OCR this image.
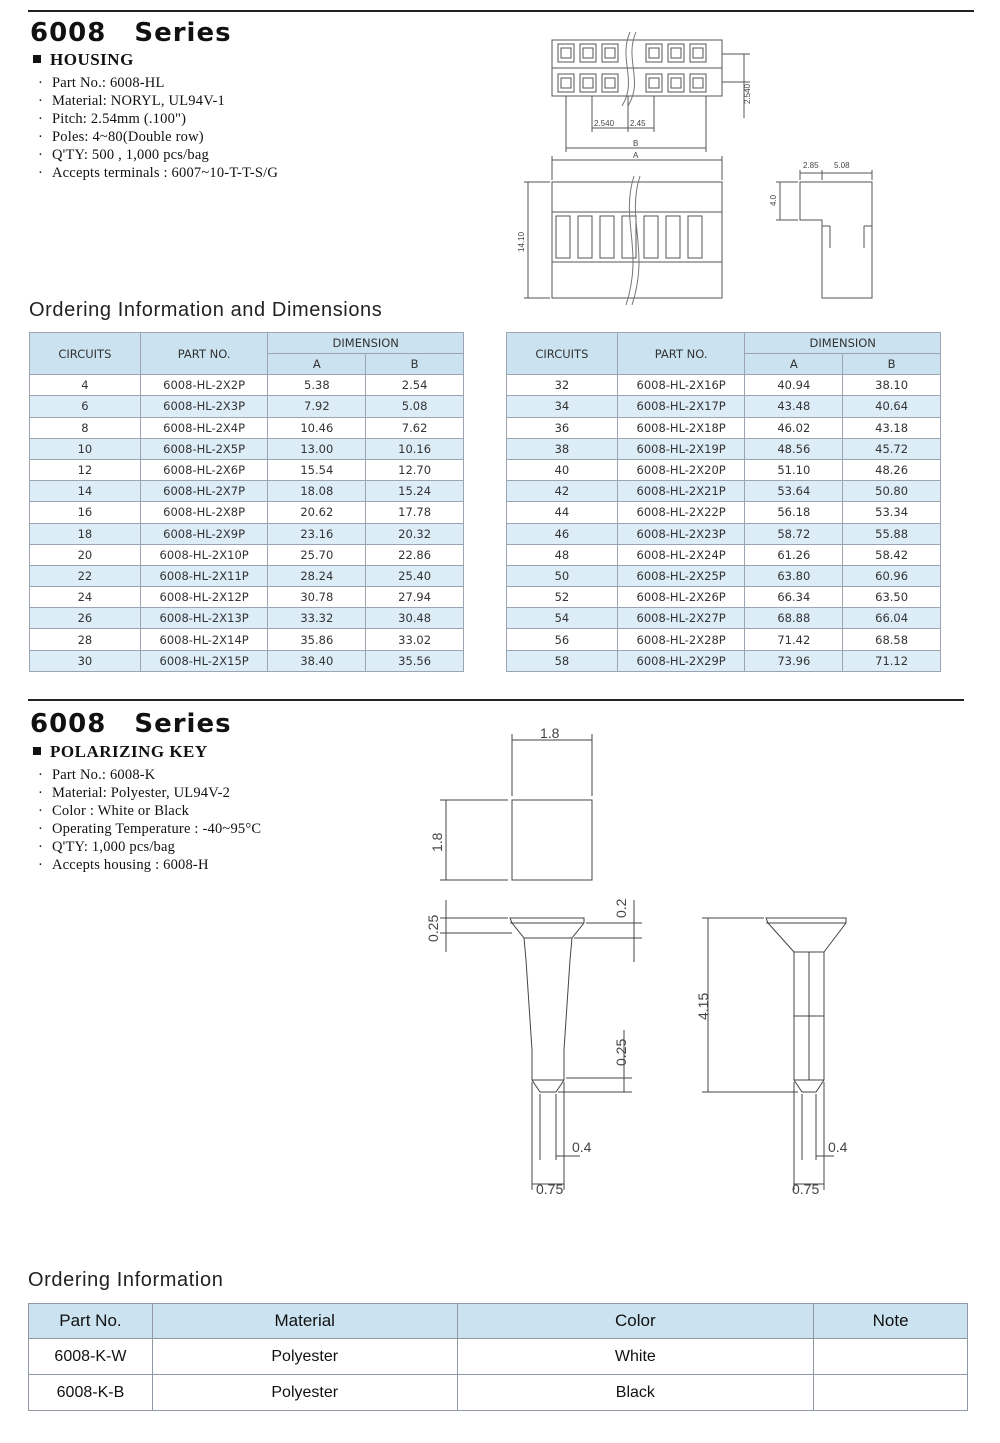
6008 Series
HOUSING
· Part No.: 6008-HL
· Material: NORYL, UL94V-1
· Pitch: 2.54mm (.100")
· Poles: 4~80(Double row)
· Q'TY: 500 , 1,000 pcs/bag
· Accepts terminals : 6007~10-T-T-S/G
2.540
2.540 2.45
B
A
14.10
2.85 5.08
4.0
Ordering Information and Dimensions
CIRCUITS	PART NO.	DIMENSION	
		A	B
4	6008-HL-2X2P	5.38	2.54
6	6008-HL-2X3P	7.92	5.08
8	6008-HL-2X4P	10.46	7.62
10	6008-HL-2X5P	13.00	10.16
12	6008-HL-2X6P	15.54	12.70
14	6008-HL-2X7P	18.08	15.24
16	6008-HL-2X8P	20.62	17.78
18	6008-HL-2X9P	23.16	20.32
20	6008-HL-2X10P	25.70	22.86
22	6008-HL-2X11P	28.24	25.40
24	6008-HL-2X12P	30.78	27.94
26	6008-HL-2X13P	33.32	30.48
28	6008-HL-2X14P	35.86	33.02
30	6008-HL-2X15P	38.40	35.56
CIRCUITS	PART NO.	DIMENSION	
		A	B
32	6008-HL-2X16P	40.94	38.10
34	6008-HL-2X17P	43.48	40.64
36	6008-HL-2X18P	46.02	43.18
38	6008-HL-2X19P	48.56	45.72
40	6008-HL-2X20P	51.10	48.26
42	6008-HL-2X21P	53.64	50.80
44	6008-HL-2X22P	56.18	53.34
46	6008-HL-2X23P	58.72	55.88
48	6008-HL-2X24P	61.26	58.42
50	6008-HL-2X25P	63.80	60.96
52	6008-HL-2X26P	66.34	63.50
54	6008-HL-2X27P	68.88	66.04
56	6008-HL-2X28P	71.42	68.58
58	6008-HL-2X29P	73.96	71.12
6008 Series
POLARIZING KEY
· Part No.: 6008-K
· Material: Polyester, UL94V-2
· Color : White or Black
· Operating Temperature : -40~95°C
· Q'TY: 1,000 pcs/bag
· Accepts housing : 6008-H
1.8
1.8
0.25
0.2
0.25
0.4
0.75
4.15
0.4
0.75
Ordering Information
Part No.	Material	Color	Note
6008-K-W	Polyester	White	
6008-K-B	Polyester	Black	
